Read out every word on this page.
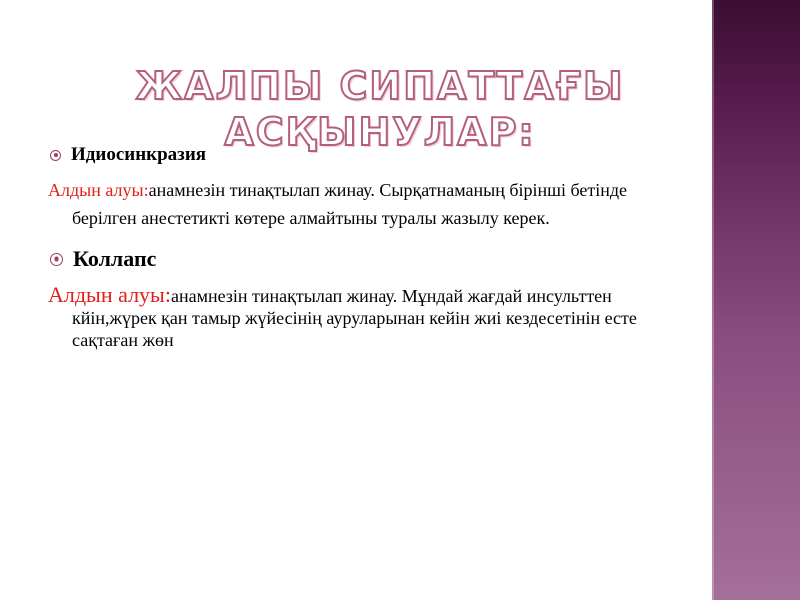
ЖАЛПЫ СИПАТТАҒЫ
АСҚЫНУЛАР:
Идиосинкразия
Алдын алуы:анамнезін тинақтылап жинау. Сырқатнаманың бірінші бетінде берілген анестетикті көтере алмайтыны туралы жазылу керек.
Коллапс
Алдын алуы:анамнезін тинақтылап жинау. Мұндай жағдай инсульттен кйін,жүрек қан тамыр жүйесінің ауруларынан кейін жиі кездесетінін есте сақтаған жөн
